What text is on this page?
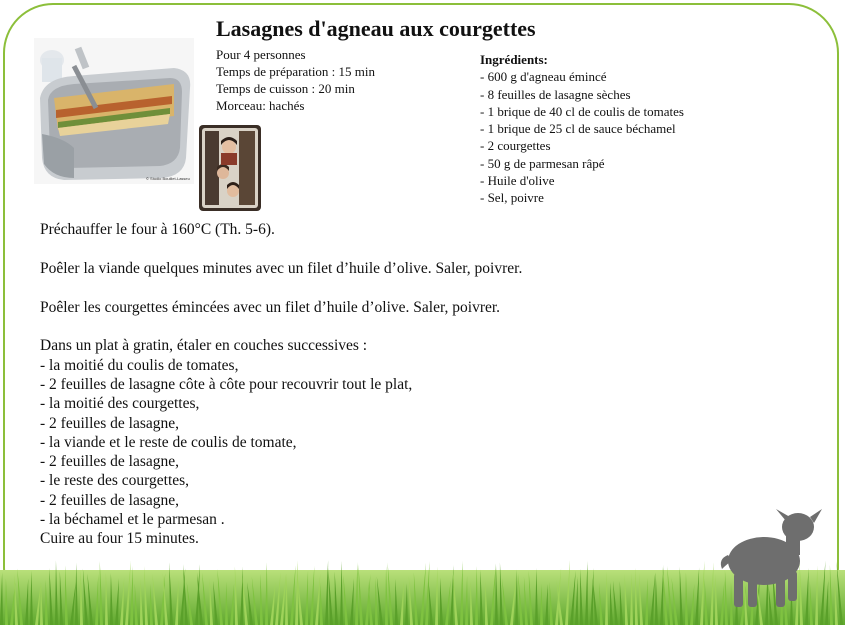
© Studio Bouillet-Lasseu
Lasagnes d'agneau aux courgettes
Pour 4 personnes
Temps de préparation : 15 min
Temps de cuisson : 20 min
Morceau: hachés
Ingrédients:
- 600 g d'agneau émincé
- 8 feuilles de lasagne sèches
- 1 brique de 40 cl de coulis de tomates
- 1 brique de 25 cl de sauce béchamel
- 2 courgettes
- 50 g de parmesan râpé
- Huile d'olive
- Sel, poivre
Préchauffer le four à 160°C (Th. 5-6).
Poêler la viande quelques minutes avec un filet d’huile d’olive. Saler, poivrer.
Poêler les courgettes émincées avec un filet d’huile d’olive. Saler, poivrer.
Dans un plat à gratin, étaler en couches successives :
- la moitié du coulis de tomates,
- 2 feuilles de lasagne côte à côte pour recouvrir tout le plat,
- la moitié des courgettes,
- 2 feuilles de lasagne,
- la viande et le reste de coulis de tomate,
- 2 feuilles de lasagne,
- le reste des courgettes,
- 2 feuilles de lasagne,
- la béchamel et le parmesan .
Cuire au four 15 minutes.
